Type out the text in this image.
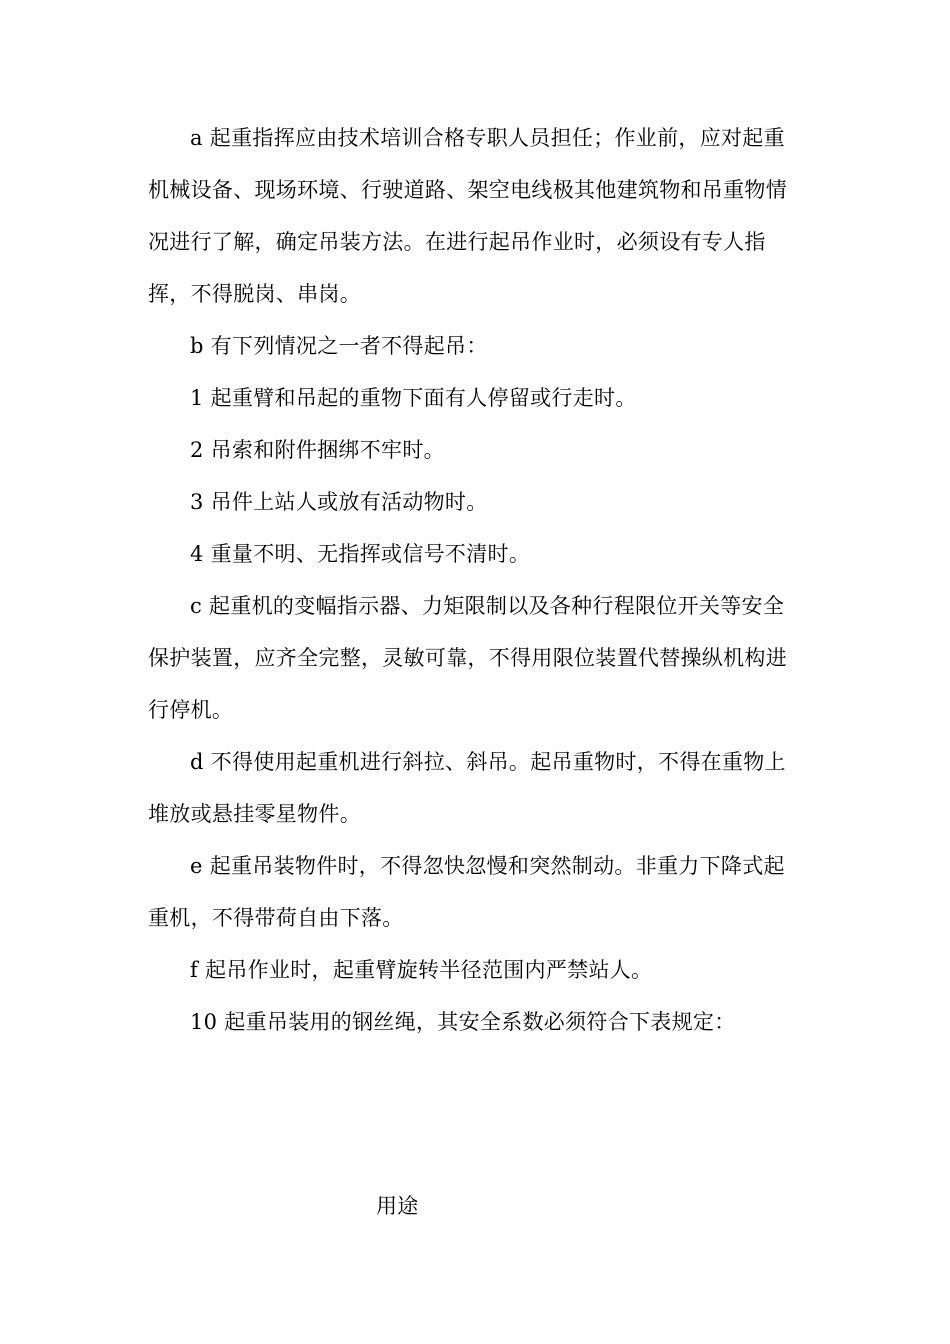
a 起重指挥应由技术培训合格专职人员担任；作业前，应对起重机械设备、现场环境、行驶道路、架空电线极其他建筑物和吊重物情况进行了解，确定吊装方法。在进行起吊作业时，必须设有专人指挥，不得脱岗、串岗。

b 有下列情况之一者不得起吊：

1 起重臂和吊起的重物下面有人停留或行走时。

2 吊索和附件捆绑不牢时。

3 吊件上站人或放有活动物时。

4 重量不明、无指挥或信号不清时。

c 起重机的变幅指示器、力矩限制以及各种行程限位开关等安全保护装置，应齐全完整，灵敏可靠，不得用限位装置代替操纵机构进行停机。

d 不得使用起重机进行斜拉、斜吊。起吊重物时，不得在重物上堆放或悬挂零星物件。

e 起重吊装物件时，不得忽快忽慢和突然制动。非重力下降式起重机，不得带荷自由下落。

f 起吊作业时，起重臂旋转半径范围内严禁站人。

10 起重吊装用的钢丝绳，其安全系数必须符合下表规定：

用途
